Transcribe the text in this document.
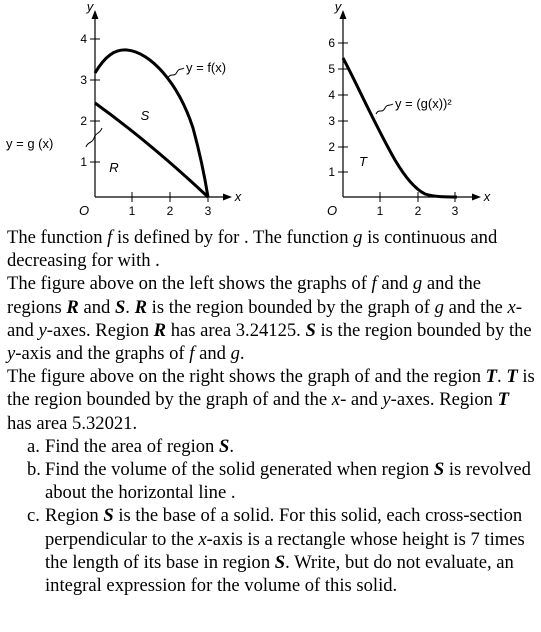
y
x
1
2
3
4
O	1	2	3
y = f(x)
y = g (x)
S
R
y
x
1
2
3
4
5
6
O	1	2	3
y = (g(x))²
T

The function f is defined by for . The function g is continuous and decreasing for with .

The figure above on the left shows the graphs of f and g and the regions R and S. R is the region bounded by the graph of g and the x- and y-axes. Region R has area 3.24125. S is the region bounded by the y-axis and the graphs of f and g.

The figure above on the right shows the graph of and the region T. T is the region bounded by the graph of and the x- and y-axes. Region T has area 5.32021.

a. Find the area of region S.
b. Find the volume of the solid generated when region S is revolved about the horizontal line .
c. Region S is the base of a solid. For this solid, each cross-section perpendicular to the x-axis is a rectangle whose height is 7 times the length of its base in region S. Write, but do not evaluate, an integral expression for the volume of this solid.
